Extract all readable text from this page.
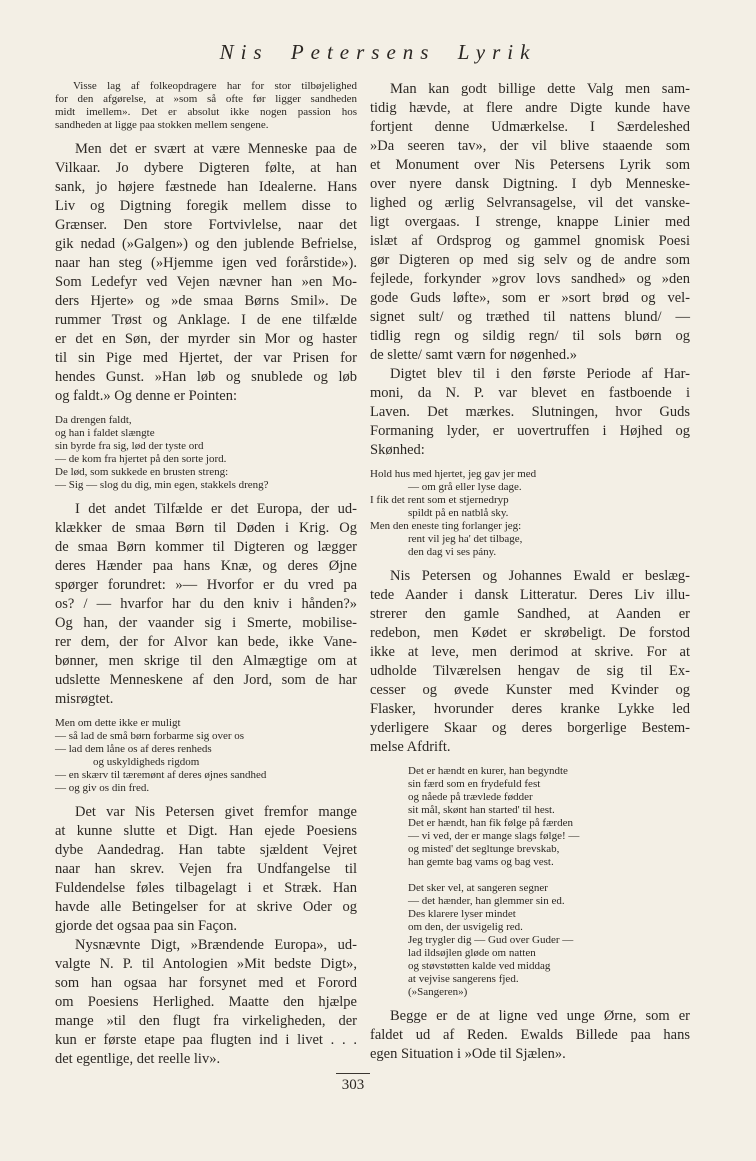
Nis Petersens Lyrik
Visse lag af folkeopdragere har for stor tilbøjelighed
for den afgørelse, at »som så ofte før ligger sandheden
midt imellem». Det er absolut ikke nogen passion hos
sandheden at ligge paa stokken mellem sengene.
Men det er svært at være Menneske paa de
Vilkaar. Jo dybere Digteren følte, at han
sank, jo højere fæstnede han Idealerne. Hans
Liv og Digtning foregik mellem disse to
Grænser. Den store Fortvivlelse, naar det
gik nedad (»Galgen») og den jublende Befrielse,
naar han steg (»Hjemme igen ved forårstide»).
Som Ledefyr ved Vejen nævner han »en Mo-
ders Hjerte» og »de smaa Børns Smil». De
rummer Trøst og Anklage. I de ene tilfælde
er det en Søn, der myrder sin Mor og haster
til sin Pige med Hjertet, der var Prisen for
hendes Gunst. »Han løb og snublede og løb
og faldt.» Og denne er Pointen:
Da drengen faldt,
og han i faldet slængte
sin byrde fra sig, lød der tyste ord
— de kom fra hjertet på den sorte jord.
De lød, som sukkede en brusten streng:
— Sig — slog du dig, min egen, stakkels dreng?
I det andet Tilfælde er det Europa, der ud-
klækker de smaa Børn til Døden i Krig. Og
de smaa Børn kommer til Digteren og lægger
deres Hænder paa hans Knæ, og deres Øjne
spørger forundret: »— Hvorfor er du vred pa
os? / — hvarfor har du den kniv i hånden?»
Og han, der vaander sig i Smerte, mobilise-
rer dem, der for Alvor kan bede, ikke Vane-
bønner, men skrige til den Almægtige om at
udslette Menneskene af den Jord, som de har
misrøgtet.
Men om dette ikke er muligt
— så lad de små børn forbarme sig over os
— lad dem låne os af deres renheds
og uskyldigheds rigdom
— en skærv til tæremønt af deres øjnes sandhed
— og giv os din fred.
Det var Nis Petersen givet fremfor mange
at kunne slutte et Digt. Han ejede Poesiens
dybe Aandedrag. Han tabte sjældent Vejret
naar han skrev. Vejen fra Undfangelse til
Fuldendelse føles tilbagelagt i et Stræk. Han
havde alle Betingelser for at skrive Oder og
gjorde det ogsaa paa sin Façon.
Nysnævnte Digt, »Brændende Europa», ud-
valgte N. P. til Antologien »Mit bedste Digt»,
som han ogsaa har forsynet med et Forord
om Poesiens Herlighed. Maatte den hjælpe
mange »til den flugt fra virkeligheden, der
kun er første etape paa flugten ind i livet . . .
det egentlige, det reelle liv».
Man kan godt billige dette Valg men sam-
tidig hævde, at flere andre Digte kunde have
fortjent denne Udmærkelse. I Særdeleshed
»Da seeren tav», der vil blive staaende som
et Monument over Nis Petersens Lyrik som
over nyere dansk Digtning. I dyb Menneske-
lighed og ærlig Selvransagelse, vil det vanske-
ligt overgaas. I strenge, knappe Linier med
islæt af Ordsprog og gammel gnomisk Poesi
gør Digteren op med sig selv og de andre som
fejlede, forkynder »grov lovs sandhed» og »den
gode Guds løfte», som er »sort brød og vel-
signet sult/ og træthed til nattens blund/ —
tidlig regn og sildig regn/ til sols børn og
de slette/ samt værn for nøgenhed.»
Digtet blev til i den første Periode af Har-
moni, da N. P. var blevet en fastboende i
Laven. Det mærkes. Slutningen, hvor Guds
Formaning lyder, er uovertruffen i Højhed og
Skønhed:
Hold hus med hjertet, jeg gav jer med
— om grå eller lyse dage.
I fik det rent som et stjernedryp
spildt på en natblå sky.
Men den eneste ting forlanger jeg:
rent vil jeg ha' det tilbage,
den dag vi ses pány.
Nis Petersen og Johannes Ewald er beslæg-
tede Aander i dansk Litteratur. Deres Liv illu-
strerer den gamle Sandhed, at Aanden er
redebon, men Kødet er skrøbeligt. De forstod
ikke at leve, men derimod at skrive. For at
udholde Tilværelsen hengav de sig til Ex-
cesser og øvede Kunster med Kvinder og
Flasker, hvorunder deres kranke Lykke led
yderligere Skaar og deres borgerlige Bestem-
melse Afdrift.
Det er hændt en kurer, han begyndte
sin færd som en frydefuld fest
og nåede på trævlede fødder
sit mål, skønt han started' til hest.
Det er hændt, han fik følge på færden
— vi ved, der er mange slags følge! —
og misted' det segltunge brevskab,
han gemte bag vams og bag vest.
Det sker vel, at sangeren segner
— det hænder, han glemmer sin ed.
Des klarere lyser mindet
om den, der usvigelig red.
Jeg trygler dig — Gud over Guder —
lad ildsøjlen gløde om natten
og støvstøtten kalde ved middag
at vejvise sangerens fjed.
(»Sangeren»)
Begge er de at ligne ved unge Ørne, som er
faldet ud af Reden. Ewalds Billede paa hans
egen Situation i »Ode til Sjælen».
303
